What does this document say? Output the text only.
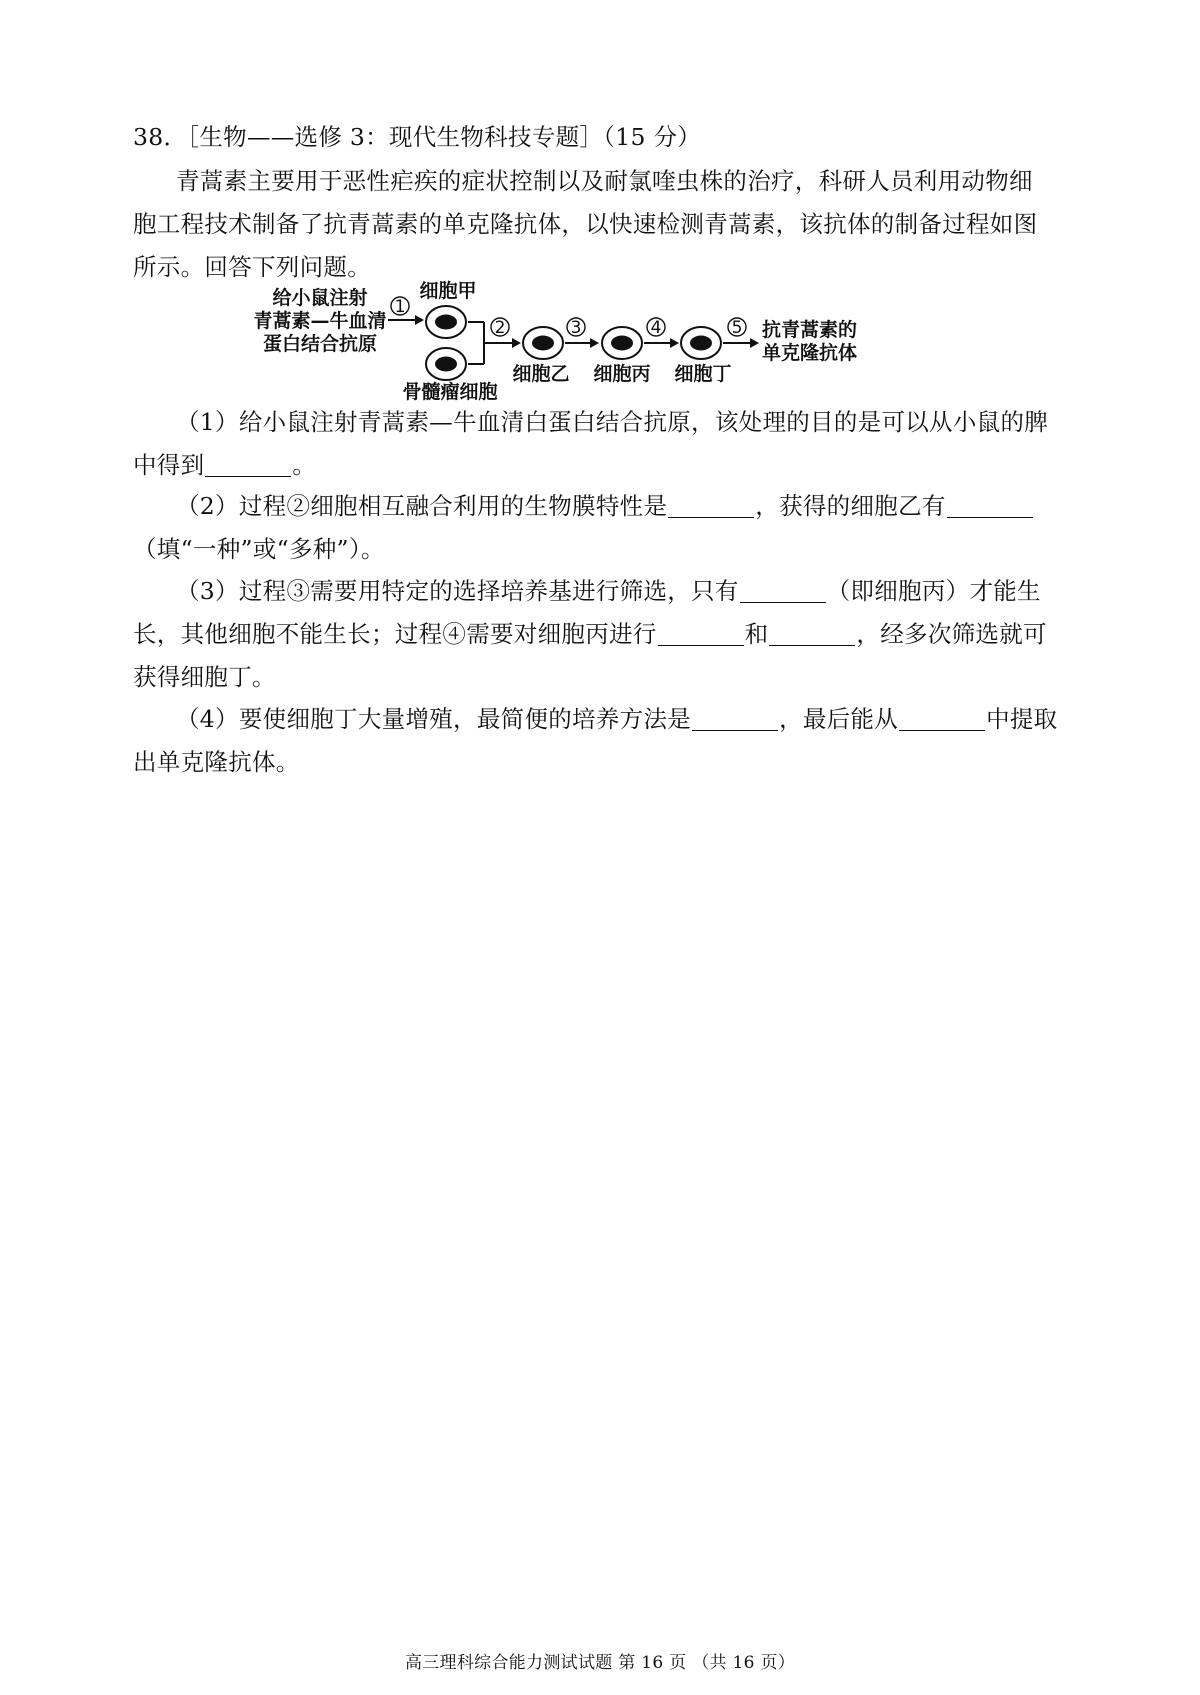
38．［生物——选修 3：现代生物科技专题］（15 分）
青蒿素主要用于恶性疟疾的症状控制以及耐氯喹虫株的治疗，科研人员利用动物细
胞工程技术制备了抗青蒿素的单克隆抗体，以快速检测青蒿素，该抗体的制备过程如图
所示。回答下列问题。
给小鼠注射
青蒿素—牛血清
蛋白结合抗原
1
细胞甲
骨髓瘤细胞
2
细胞乙
3
细胞丙
4
细胞丁
5 抗青蒿素的
单克隆抗体
（1）给小鼠注射青蒿素—牛血清白蛋白结合抗原，该处理的目的是可以从小鼠的脾
中得到	。
（2）过程②细胞相互融合利用的生物膜特性是	，获得的细胞乙有
（填“一种”或“多种”）。
（3）过程③需要用特定的选择培养基进行筛选，只有	（即细胞丙）才能生
长，其他细胞不能生长；过程④需要对细胞丙进行	和	，经多次筛选就可
获得细胞丁。
（4）要使细胞丁大量增殖，最简便的培养方法是	，最后能从	中提取
出单克隆抗体。
高三理科综合能力测试试题 第 16 页 （共 16 页）
